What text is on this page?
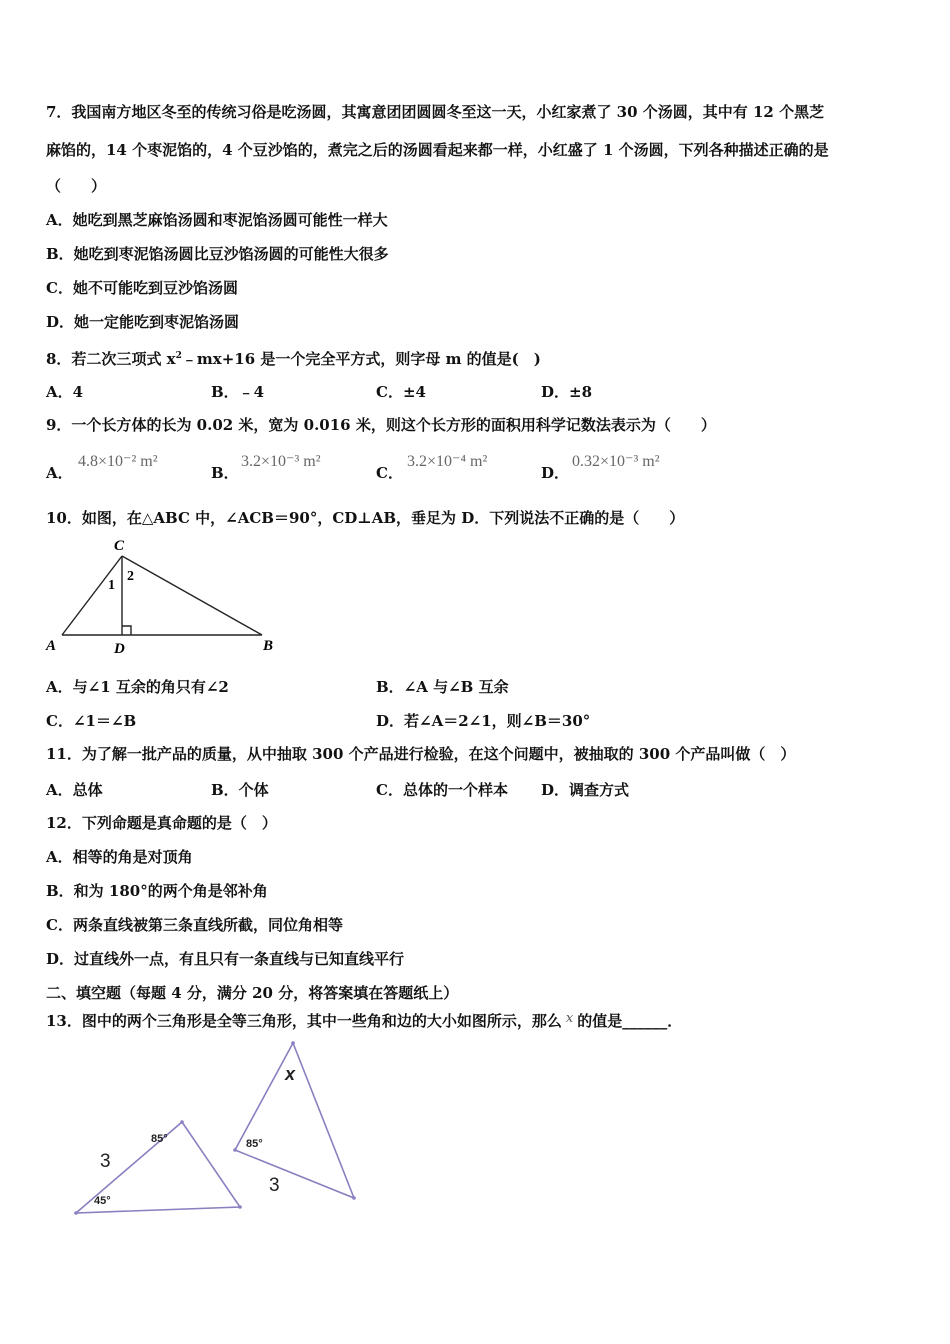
7．我国南方地区冬至的传统习俗是吃汤圆，其寓意团团圆圆冬至这一天，小红家煮了 30 个汤圆，其中有 12 个黑芝
麻馅的，14 个枣泥馅的，4 个豆沙馅的，煮完之后的汤圆看起来都一样，小红盛了 1 个汤圆，下列各种描述正确的是
（　　）
A．她吃到黑芝麻馅汤圆和枣泥馅汤圆可能性一样大
B．她吃到枣泥馅汤圆比豆沙馅汤圆的可能性大很多
C．她不可能吃到豆沙馅汤圆
D．她一定能吃到枣泥馅汤圆
8．若二次三项式 $x^2﹣mx+16$ 是一个完全平方式，则字母 m 的值是(　)
A．4	B．﹣4	C．±4	D．±8
9．一个长方体的长为 0.02 米，宽为 0.016 米，则这个长方形的面积用科学记数法表示为（　　）
A．
4.8×10⁻² m²
B．
3.2×10⁻³ m²
C．
3.2×10⁻⁴ m²
D．
0.32×10⁻³ m²
10．如图，在△ABC 中，∠ACB＝90°，CD⊥AB，垂足为 D．下列说法不正确的是（　　）
C
1
2
A	D	B
A．与∠1 互余的角只有∠2	B．∠A 与∠B 互余
C．∠1＝∠B	D．若∠A＝2∠1，则∠B＝30°
11．为了解一批产品的质量，从中抽取 300 个产品进行检验，在这个问题中，被抽取的 300 个产品叫做（　）
A．总体	B．个体	C．总体的一个样本 D．调查方式
12．下列命题是真命题的是（　）
A．相等的角是对顶角
B．和为 180°的两个角是邻补角
C．两条直线被第三条直线所截，同位角相等
D．过直线外一点，有且只有一条直线与已知直线平行
二、填空题（每题 4 分，满分 20 分，将答案填在答题纸上）
13．图中的两个三角形是全等三角形，其中一些角和边的大小如图所示，那么 x 的值是______．
3
85°
45°
x
85°
3
